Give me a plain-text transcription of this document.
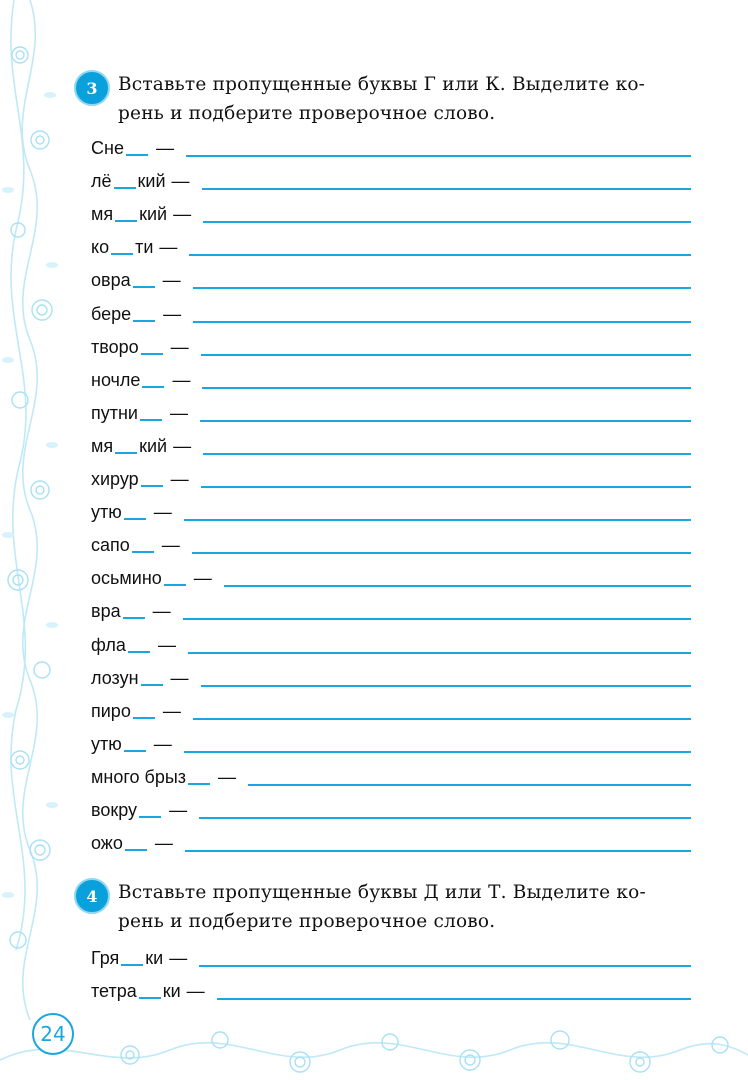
3	Вставьте пропущенные буквы Г или К. Выделите ко-
рень и подберите проверочное слово.
Сне —
лё кий —
мя кий —
ко ти —
овра —
бере —
творо —
ночле —
путни —
мя кий —
хирур —
утю —
сапо —
осьмино —
вра —
фла —
лозун —
пиро —
утю —
много брыз —
вокру —
ожо —
4	Вставьте пропущенные буквы Д или Т. Выделите ко-
рень и подберите проверочное слово.
Гря ки —
тетра ки —
24
